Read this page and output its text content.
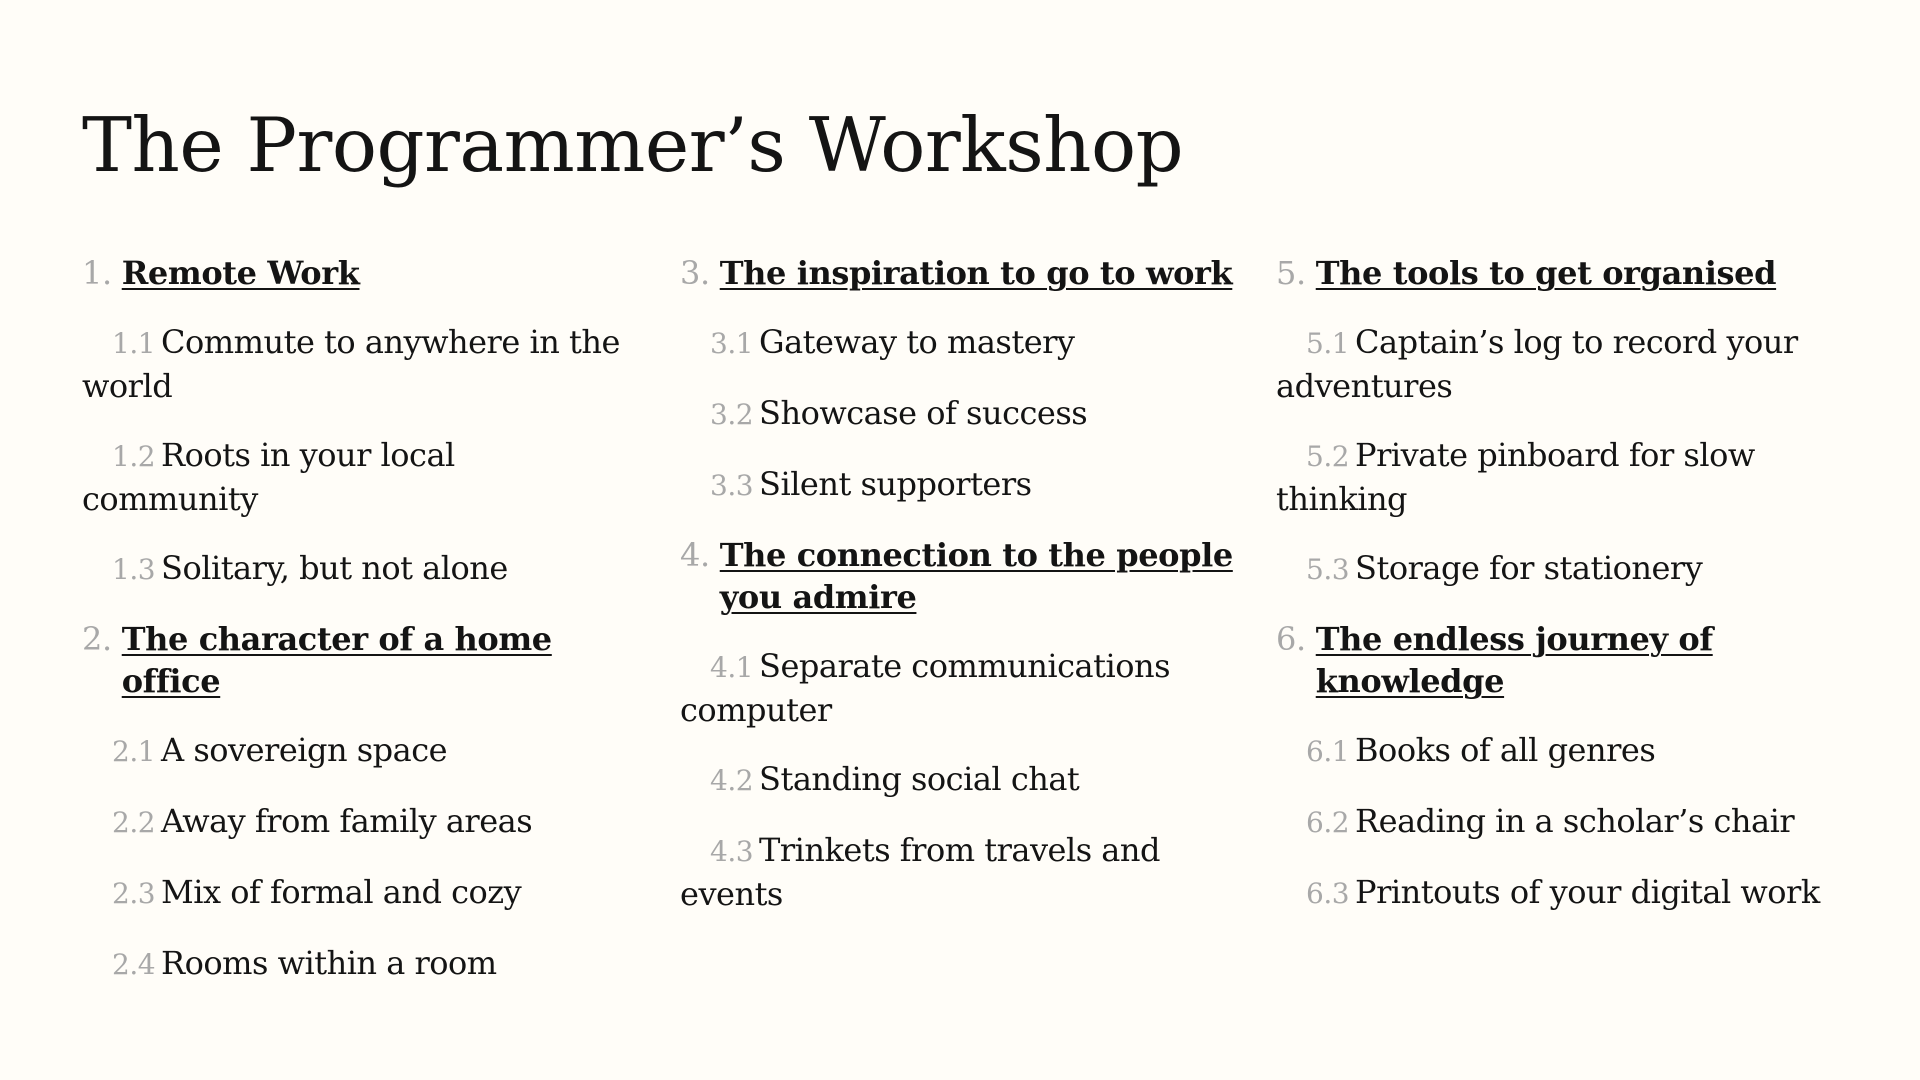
The Programmer’s Workshop
1. Remote Work

1.1 Commute to anywhere in the world

1.2 Roots in your local community

1.3 Solitary, but not alone

2. The character of a home office

2.1 A sovereign space

2.2 Away from family areas

2.3 Mix of formal and cozy

2.4 Rooms within a room

3. The inspiration to go to work

3.1 Gateway to mastery

3.2 Showcase of success

3.3 Silent supporters

4. The connection to the people you admire

4.1 Separate communications computer

4.2 Standing social chat

4.3 Trinkets from travels and events

5. The tools to get organised

5.1 Captain’s log to record your adventures

5.2 Private pinboard for slow thinking

5.3 Storage for stationery

6. The endless journey of knowledge

6.1 Books of all genres

6.2 Reading in a scholar’s chair

6.3 Printouts of your digital work
